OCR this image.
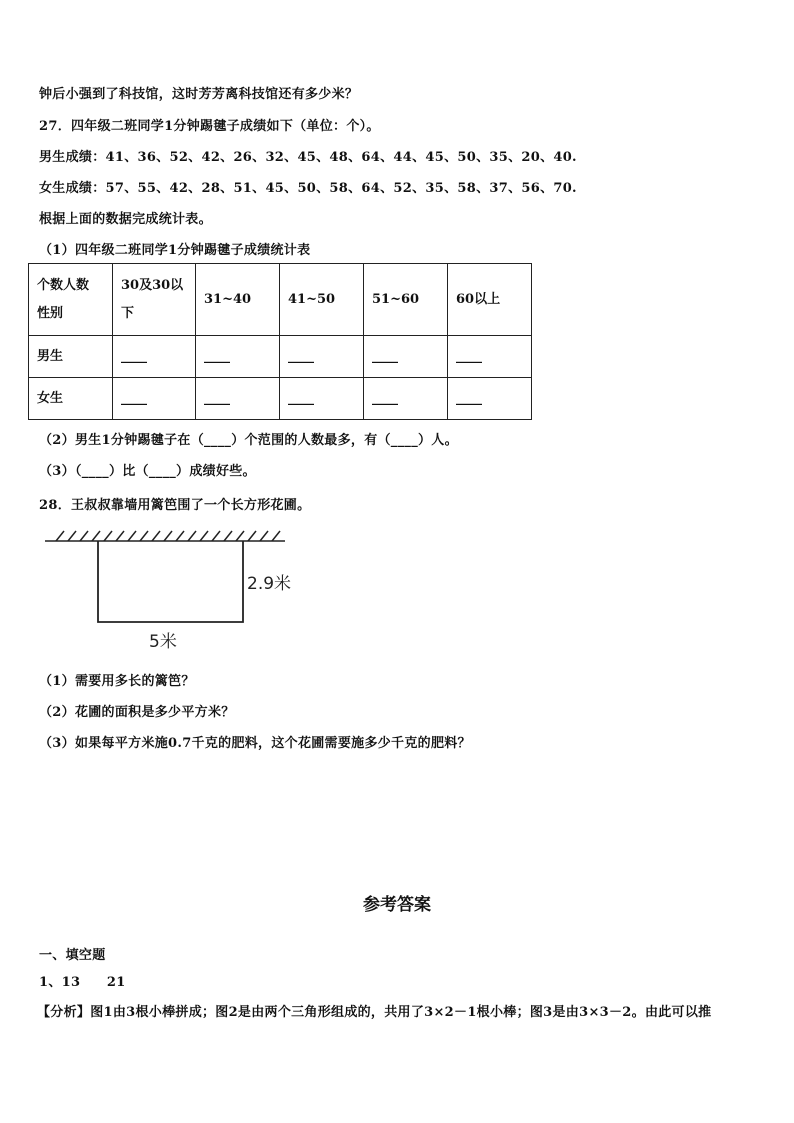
钟后小强到了科技馆，这时芳芳离科技馆还有多少米？
27．四年级二班同学1分钟踢毽子成绩如下（单位：个）。
男生成绩：41、36、52、42、26、32、45、48、64、44、45、50、35、20、40.
女生成绩：57、55、42、28、51、45、50、58、64、52、35、58、37、56、70.
根据上面的数据完成统计表。
（1）四年级二班同学1分钟踢毽子成绩统计表
个数人数
性别	30及30以下	31~40	41~50	51~60	60以上
男生	____	____	____	____	____
女生	____	____	____	____	____
（2）男生1分钟踢毽子在（____）个范围的人数最多，有（____）人。
（3）（____）比（____）成绩好些。
28．王叔叔靠墙用篱笆围了一个长方形花圃。
2.9米
5米
（1）需要用多长的篱笆？
（2）花圃的面积是多少平方米？
（3）如果每平方米施0.7千克的肥料，这个花圃需要施多少千克的肥料？
参考答案
一、填空题
1、13　　21
【分析】图1由3根小棒拼成；图2是由两个三角形组成的，共用了3×2－1根小棒；图3是由3×3－2。由此可以推
